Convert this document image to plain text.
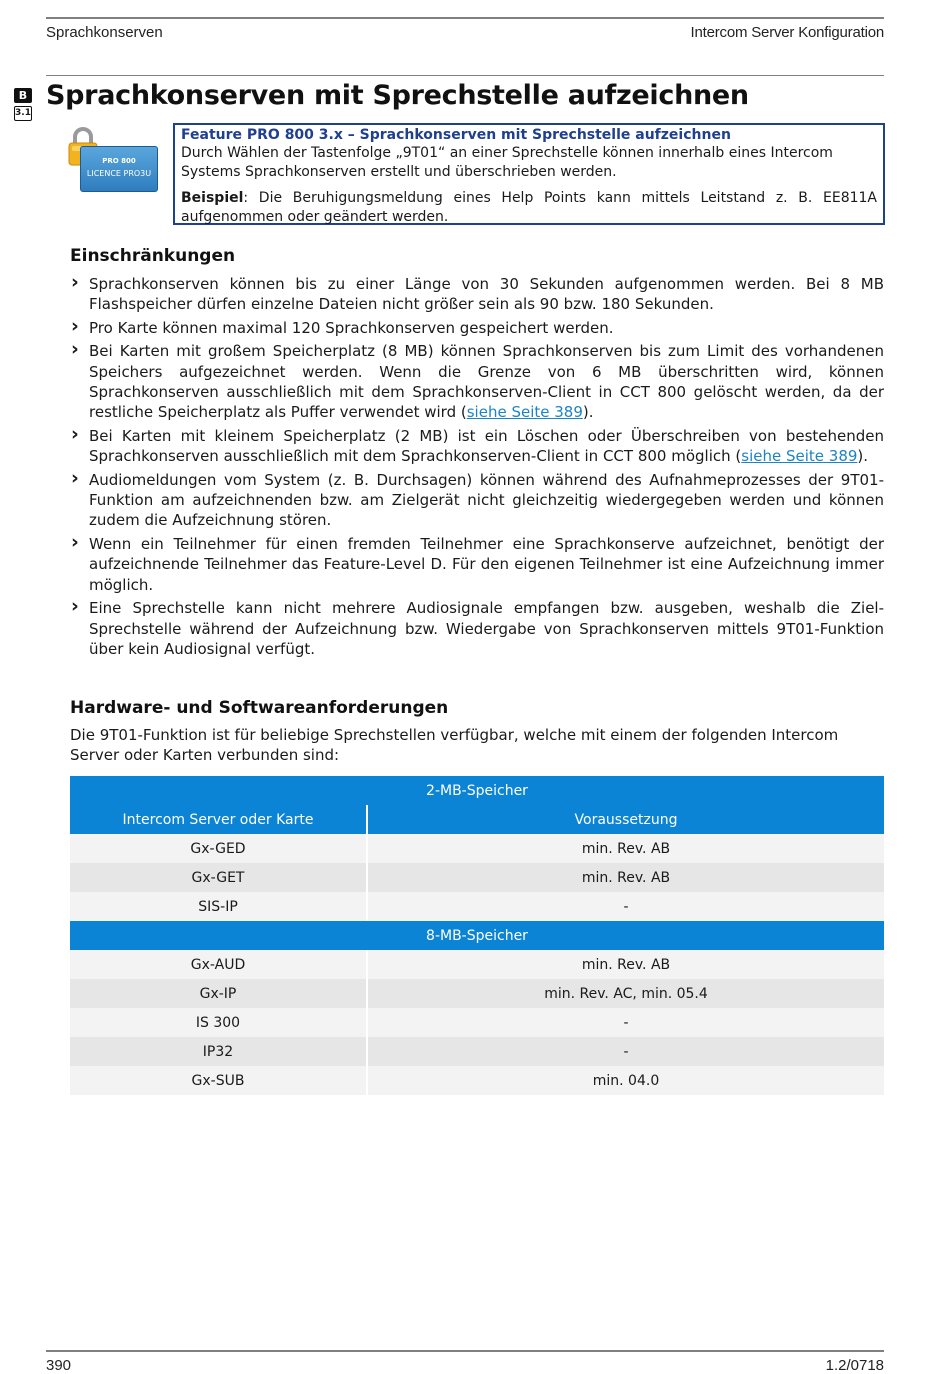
Sprachkonserven	Intercom Server Konfiguration
B
3.1
Sprachkonserven mit Sprechstelle aufzeichnen
PRO 800
LICENCE PRO3U
Feature PRO 800 3.x – Sprachkonserven mit Sprechstelle aufzeichnen

Durch Wählen der Tastenfolge „9T01“ an einer Sprechstelle können innerhalb eines Intercom Systems Sprachkonserven erstellt und überschrieben werden.

Beispiel: Die Beruhigungsmeldung eines Help Points kann mittels Leitstand z. B. EE811A aufgenommen oder geändert werden.

Einschränkungen
› Sprachkonserven können bis zu einer Länge von 30 Sekunden aufgenommen werden. Bei 8 MB Flashspeicher dürfen einzelne Dateien nicht größer sein als 90 bzw. 180 Sekunden.
› Pro Karte können maximal 120 Sprachkonserven gespeichert werden.
› Bei Karten mit großem Speicherplatz (8 MB) können Sprachkonserven bis zum Limit des vorhandenen Speichers aufgezeichnet werden. Wenn die Grenze von 6 MB überschritten wird, können Sprachkonserven ausschließlich mit dem Sprachkonserven-Client in CCT 800 gelöscht werden, da der restliche Speicherplatz als Puffer verwendet wird (siehe Seite 389).
› Bei Karten mit kleinem Speicherplatz (2 MB) ist ein Löschen oder Überschreiben von bestehenden Sprachkonserven ausschließlich mit dem Sprachkonserven-Client in CCT 800 möglich (siehe Seite 389).
› Audiomeldungen vom System (z. B. Durchsagen) können während des Aufnahmeprozesses der 9T01-Funktion am aufzeichnenden bzw. am Zielgerät nicht gleichzeitig wiedergegeben werden und können zudem die Aufzeichnung stören.
› Wenn ein Teilnehmer für einen fremden Teilnehmer eine Sprachkonserve aufzeichnet, benötigt der aufzeichnende Teilnehmer das Feature-Level D. Für den eigenen Teilnehmer ist eine Aufzeichnung immer möglich.
› Eine Sprechstelle kann nicht mehrere Audiosignale empfangen bzw. ausgeben, weshalb die Ziel-Sprechstelle während der Aufzeichnung bzw. Wiedergabe von Sprachkonserven mittels 9T01-Funktion über kein Audiosignal verfügt.
Hardware- und Softwareanforderungen
Die 9T01-Funktion ist für beliebige Sprechstellen verfügbar, welche mit einem der folgenden Intercom Server oder Karten verbunden sind:
2-MB-Speicher	
Intercom Server oder Karte	Voraussetzung
Gx-GED	min. Rev. AB
Gx-GET	min. Rev. AB
SIS-IP	-
8-MB-Speicher	
Gx-AUD	min. Rev. AB
Gx-IP	min. Rev. AC, min. 05.4
IS 300	-
IP32	-
Gx-SUB	min. 04.0
390	1.2/0718
